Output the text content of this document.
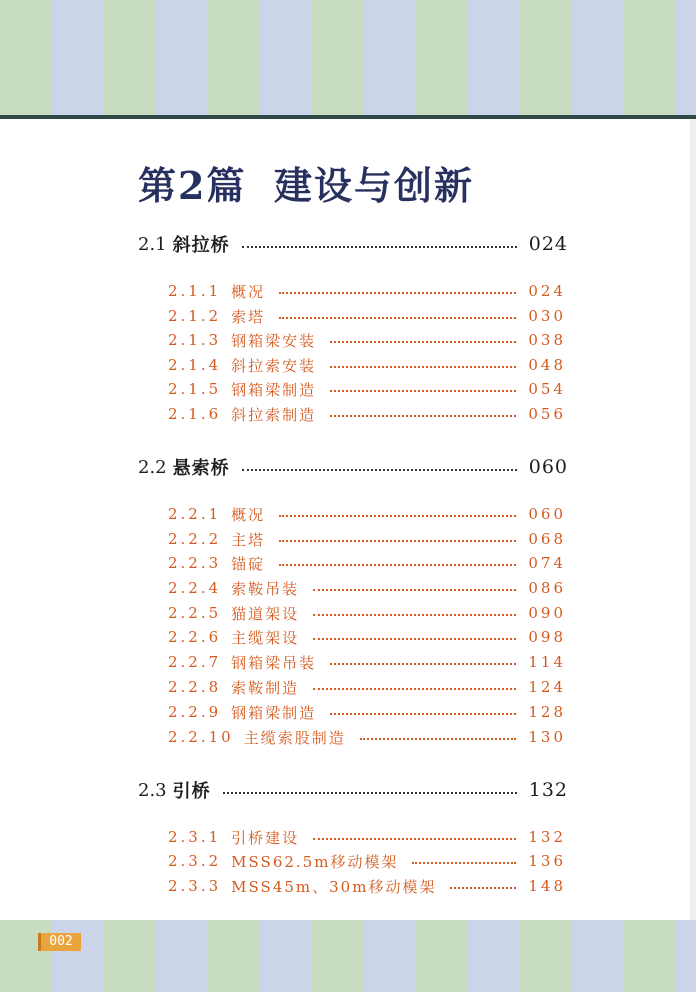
第2篇 建设与创新
2.1 斜拉桥	024
2.1.1 概况	024
2.1.2 索塔	030
2.1.3 钢箱梁安装	038
2.1.4 斜拉索安装	048
2.1.5 钢箱梁制造	054
2.1.6 斜拉索制造	056
2.2 悬索桥	060
2.2.1 概况	060
2.2.2 主塔	068
2.2.3 锚碇	074
2.2.4 索鞍吊装	086
2.2.5 猫道架设	090
2.2.6 主缆架设	098
2.2.7 钢箱梁吊装	114
2.2.8 索鞍制造	124
2.2.9 钢箱梁制造	128
2.2.10 主缆索股制造	130
2.3 引桥	132
2.3.1 引桥建设	132
2.3.2 MSS62.5m移动模架	136
2.3.3 MSS45m、30m移动模架	148
002
